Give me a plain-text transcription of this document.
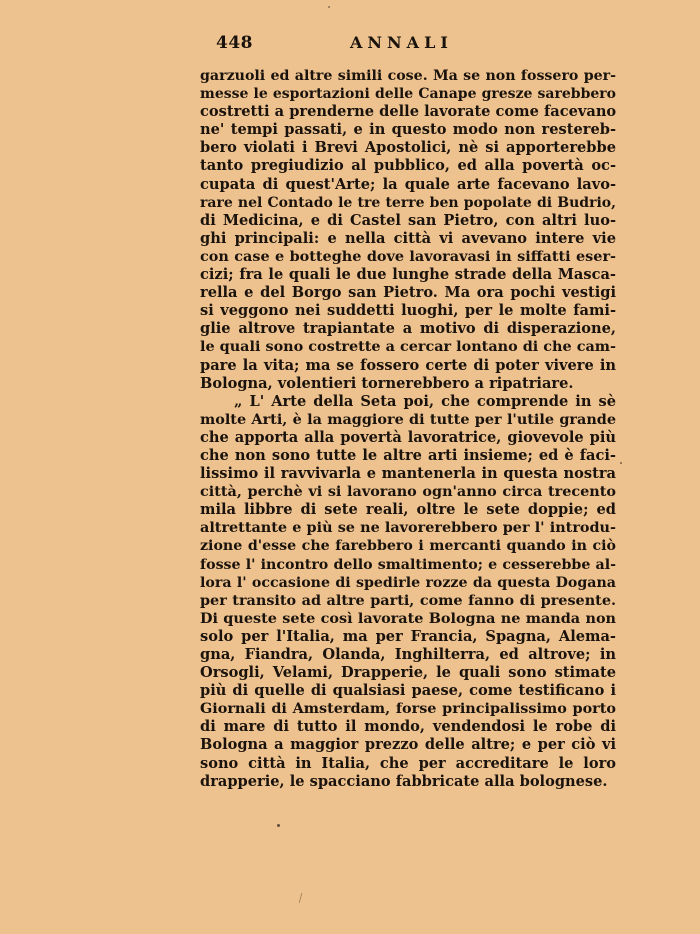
448	ANNALI
garzuoli ed altre simili cose. Ma se non fossero per-
messe le esportazioni delle Canape gresze sarebbero
costretti a prenderne delle lavorate come facevano
ne' tempi passati, e in questo modo non resterеb-
bero violati i Brevi Apostolici, nè si apporterebbe
tanto pregiudizio al pubblico, ed alla povertà oc-
cupata di quest'Arte; la quale arte facevano lavo-
rare nel Contado le tre terre ben popolate di Budrio,
di Medicina, e di Castel san Pietro, con altri luo-
ghi principali: e nella città vi avevano intere vie
con case e botteghe dove lavoravasi in siffatti eser-
cizi; fra le quali le due lunghe strade della Masca-
rella e del Borgo san Pietro. Ma ora pochi vestigi
si veggono nei suddetti luoghi, per le molte fami-
glie altrove trapiantate a motivo di disperazione,
le quali sono costrette a cercar lontano di che cam-
pare la vita; ma se fossero certe di poter vivere in
Bologna, volentieri tornerebbero a ripatriare.
„ L' Arte della Seta poi, che comprende in sè
molte Arti, è la maggiore di tutte per l'utile grande
che apporta alla povertà lavoratrice, giovevole più
che non sono tutte le altre arti insieme; ed è faci-
lissimo il ravvivarla e mantenerla in questa nostra
città, perchè vi si lavorano ogn'anno circa trecento
mila libbre di sete reali, oltre le sete doppie; ed
altrettante e più se ne lavorerebbero per l' introdu-
zione d'esse che farebbero i mercanti quando in ciò
fosse l' incontro dello smaltimento; e cesserebbe al-
lora l' occasione di spedirle rozze da questa Dogana
per transito ad altre parti, come fanno di presente.
Di queste sete così lavorate Bologna ne manda non
solo per l'Italia, ma per Francia, Spagna, Alema-
gna, Fiandra, Olanda, Inghilterra, ed altrove; in
Orsogli, Velami, Drapperie, le quali sono stimate
più di quelle di qualsiasi paese, come testificano i
Giornali di Amsterdam, forse principalissimo porto
di mare di tutto il mondo, vendendosi le robe di
Bologna a maggior prezzo delle altre; e per ciò vi
sono città in Italia, che per accreditare le loro
drapperie, le spacciano fabbricate alla bolognese.
